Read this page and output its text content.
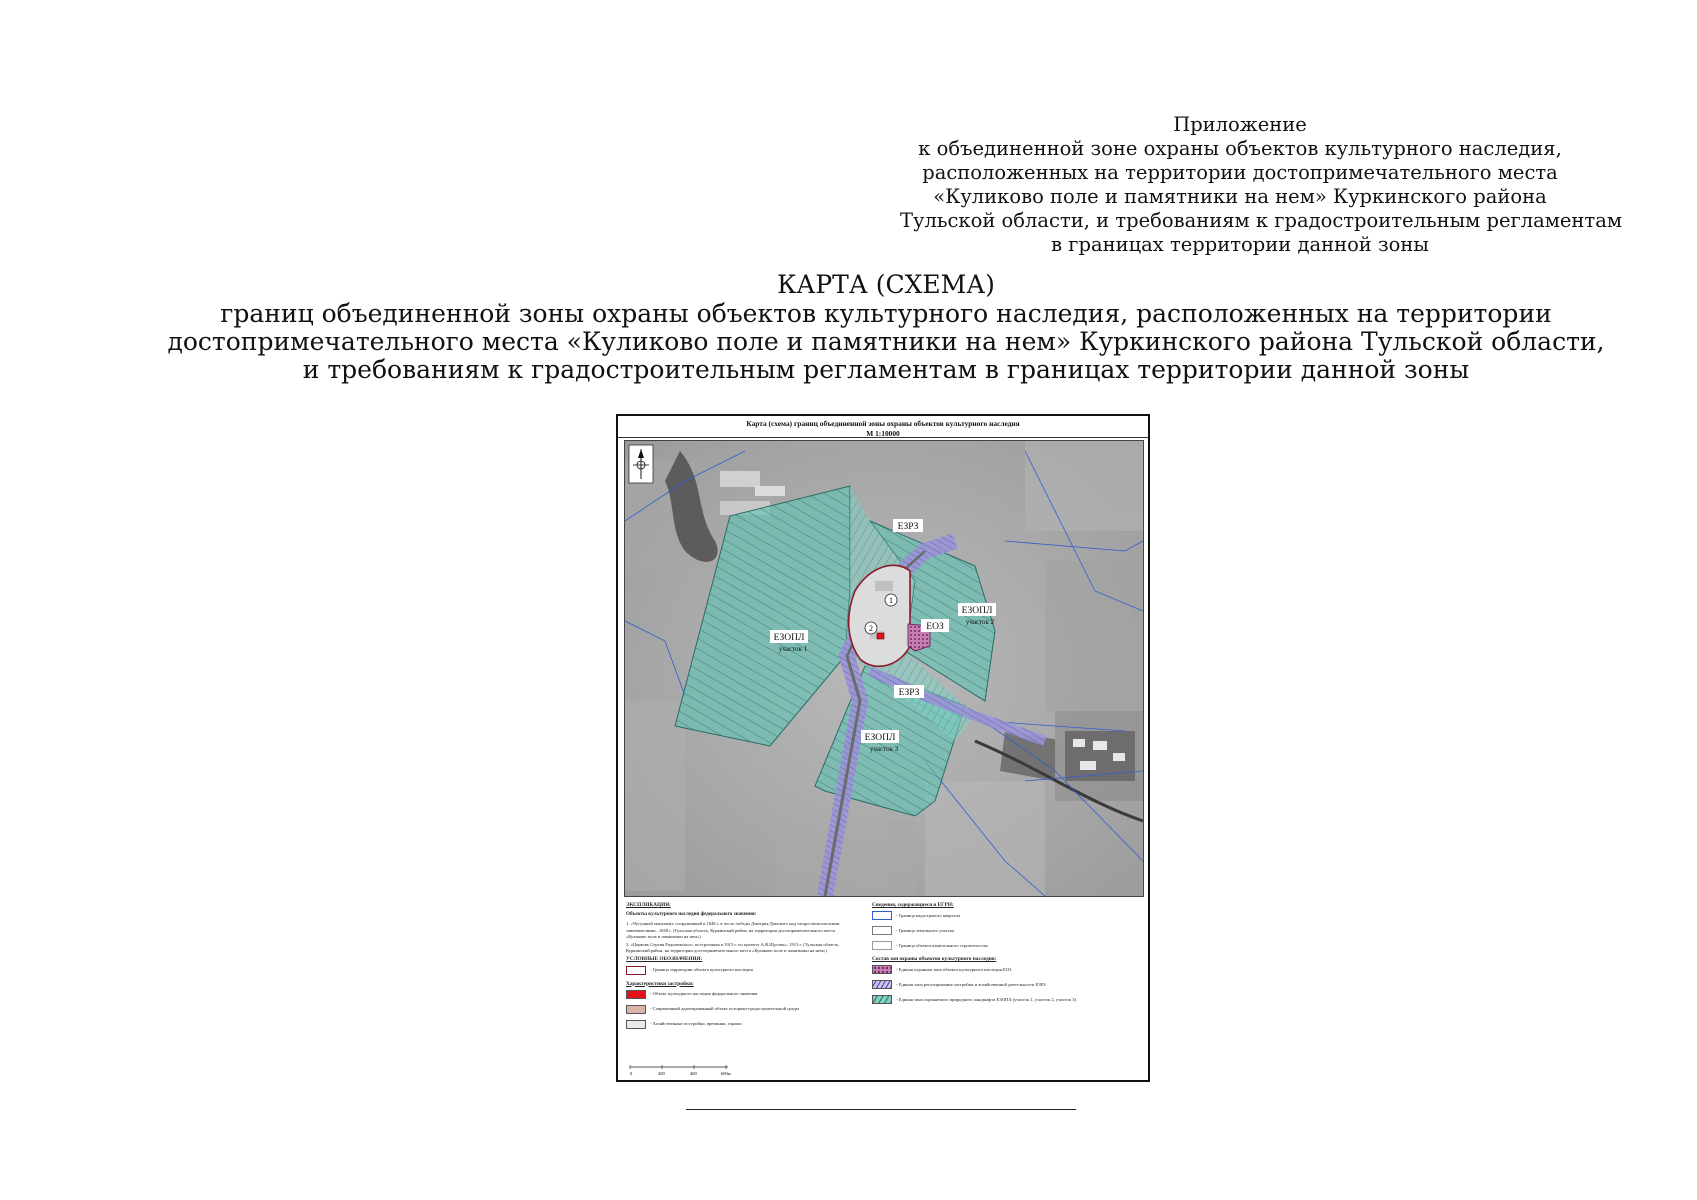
Приложение
к объединенной зоне охраны объектов культурного наследия,
расположенных на территории достопримечательного места
«Куликово поле и памятники на нем» Куркинского района
Тульской области, и требованиям к градостроительным регламентам
в границах территории данной зоны
КАРТА (СХЕМА)
границ объединенной зоны охраны объектов культурного наследия, расположенных на территории
достопримечательного места «Куликово поле и памятники на нем» Куркинского района Тульской области,
и требованиям к градостроительным регламентам в границах территории данной зоны
Карта (схема) границ объединенной зоны охраны объектов культурного наследия
М 1:10000
1
2
ЕЗРЗ
ЕЗРЗ
ЕЗОПЛ
участок 1
ЕЗОПЛ
участок 2
ЕЗОПЛ
участок 3
ЕОЗ
ЭКСПЛИКАЦИЯ:
Объекты культурного наследия федерального значения:
1. «Чугунный монумент, сооруженный в 1848 г. в честь победы Дмитрия Донского над татаро-монгольскими завоевателями», 1848 г. (Тульская область, Куркинский район, на территории достопримечательного места «Куликово поле и памятники на нем»)
2. «Церковь Сергия Радонежского, построенная в 1915 г. по проекту А.В.Щусева», 1913 г. (Тульская область, Куркинский район, на территории достопримечательного места «Куликово поле и памятники на нем»)
УСЛОВНЫЕ ОБОЗНАЧЕНИЯ:
- Граница территории объекта культурного наследия
Характеристики застройки:
- Объект культурного наследия федерального значения
- Современный адаптированный объект историко-градостроительной среды
- Хозяйственные постройки, времянки, гаражи
Сведения, содержащиеся в ЕГРН:
- Граница кадастрового квартала
- Граница земельного участка
- Граница объекта капитального строительства
Состав зон охраны объектов культурного наследия:
- Единая охранная зона объекта культурного наследия ЕОЗ
- Единая зона регулирования застройки и хозяйственной деятельности ЕЗРЗ
- Единая зона охраняемого природного ландшафта ЕЗОПЛ (участок 1, участок 2, участок 3)
0	200	400	600м
